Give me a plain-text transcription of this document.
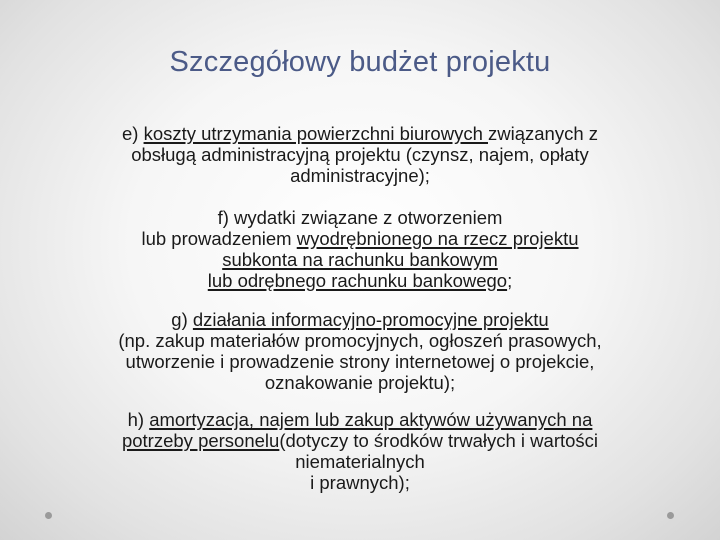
Szczegółowy budżet projektu

e) koszty utrzymania powierzchni biurowych związanych z
obsługą administracyjną projektu (czynsz, najem, opłaty
administracyjne);

f) wydatki związane z otworzeniem
lub prowadzeniem wyodrębnionego na rzecz projektu
subkonta na rachunku bankowym
lub odrębnego rachunku bankowego;

g) działania informacyjno-promocyjne projektu
(np. zakup materiałów promocyjnych, ogłoszeń prasowych,
utworzenie i prowadzenie strony internetowej o projekcie,
oznakowanie projektu);

h) amortyzacja, najem lub zakup aktywów używanych na
potrzeby personelu(dotyczy to środków trwałych i wartości
niematerialnych
i prawnych);
